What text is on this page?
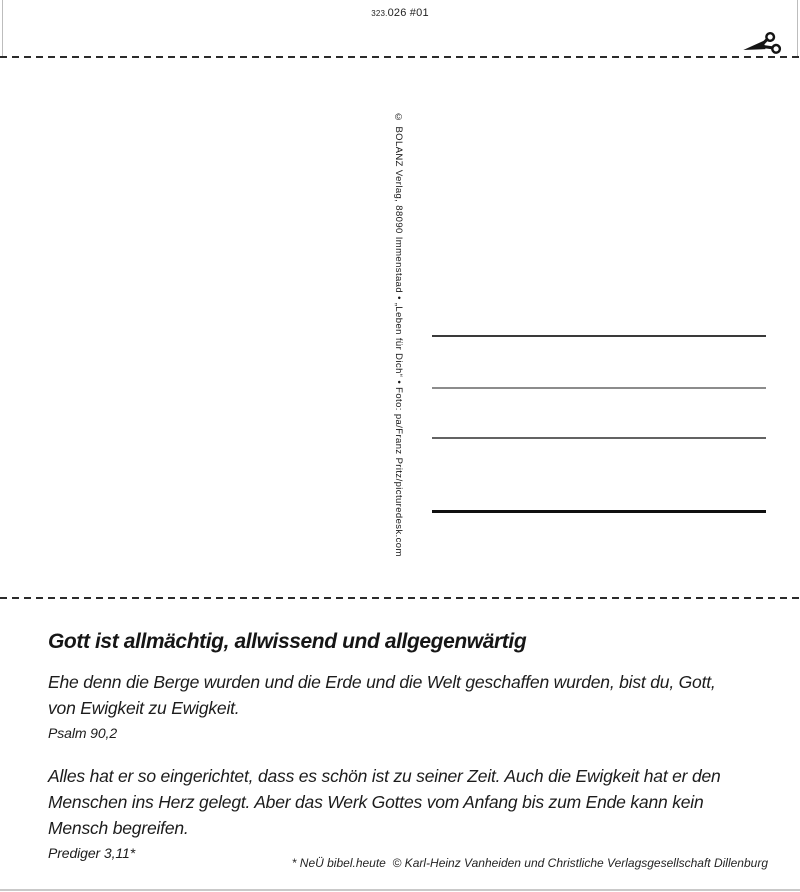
323.026 #01
© BOLANZ Verlag, 88090 Immenstaad • „Leben für Dich“ • Foto: pa/Franz Pritz/picturedesk.com
Gott ist allmächtig, allwissend und allgegenwärtig
Ehe denn die Berge wurden und die Erde und die Welt geschaffen wurden, bist du, Gott,
von Ewigkeit zu Ewigkeit.
Psalm 90,2
Alles hat er so eingerichtet, dass es schön ist zu seiner Zeit. Auch die Ewigkeit hat er den
Menschen ins Herz gelegt. Aber das Werk Gottes vom Anfang bis zum Ende kann kein
Mensch begreifen.
Prediger 3,11*
* NeÜ bibel.heute  © Karl-Heinz Vanheiden und Christliche Verlagsgesellschaft Dillenburg
